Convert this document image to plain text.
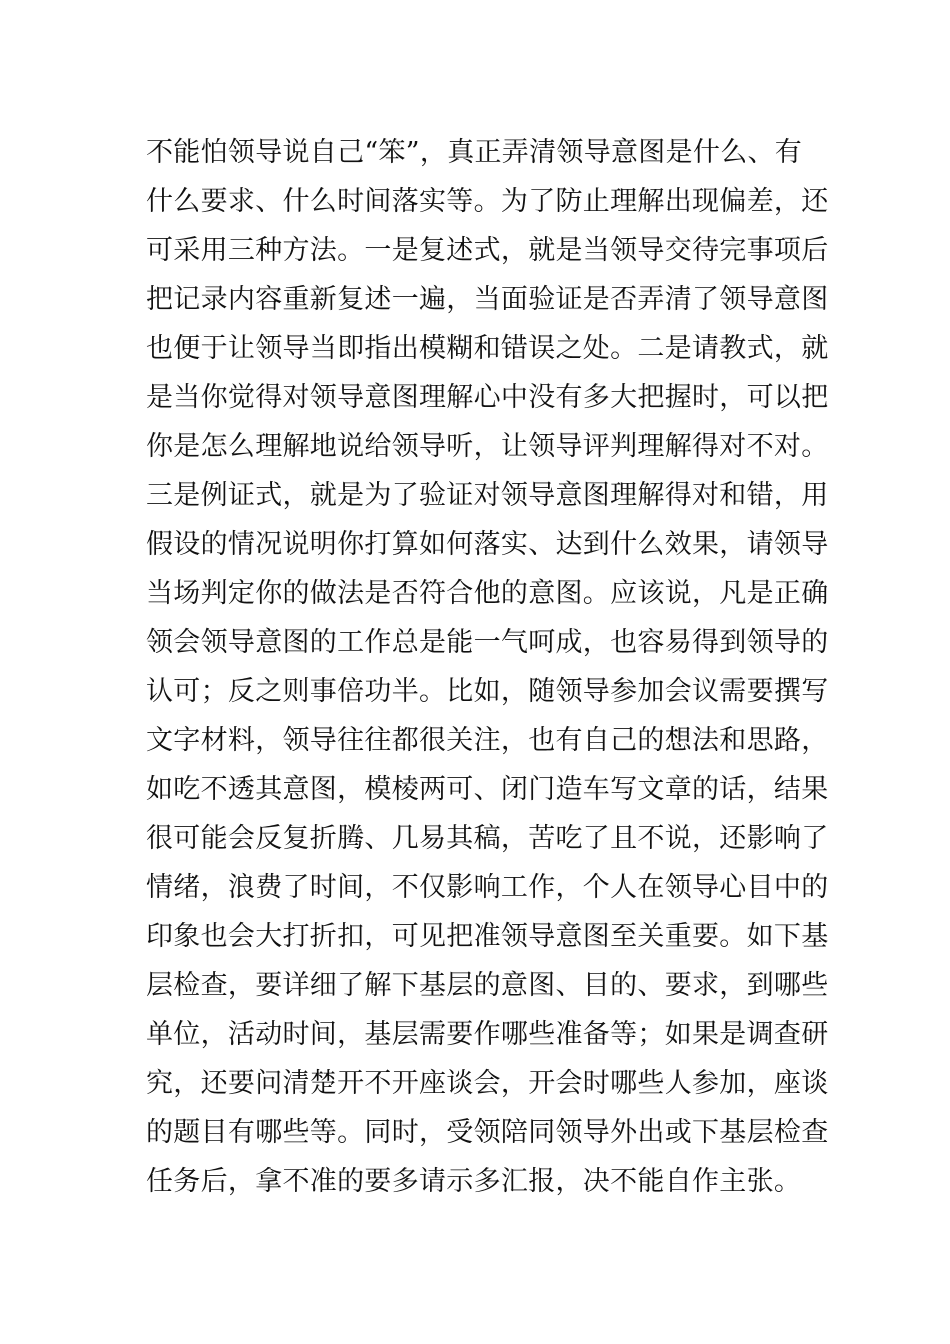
不能怕领导说自己“笨”，真正弄清领导意图是什么、有
什么要求、什么时间落实等。为了防止理解出现偏差，还
可采用三种方法。一是复述式，就是当领导交待完事项后
把记录内容重新复述一遍，当面验证是否弄清了领导意图
也便于让领导当即指出模糊和错误之处。二是请教式，就
是当你觉得对领导意图理解心中没有多大把握时，可以把
你是怎么理解地说给领导听，让领导评判理解得对不对。
三是例证式，就是为了验证对领导意图理解得对和错，用
假设的情况说明你打算如何落实、达到什么效果，请领导
当场判定你的做法是否符合他的意图。应该说，凡是正确
领会领导意图的工作总是能一气呵成，也容易得到领导的
认可；反之则事倍功半。比如，随领导参加会议需要撰写
文字材料，领导往往都很关注，也有自己的想法和思路，
如吃不透其意图，模棱两可、闭门造车写文章的话，结果
很可能会反复折腾、几易其稿，苦吃了且不说，还影响了
情绪，浪费了时间，不仅影响工作，个人在领导心目中的
印象也会大打折扣，可见把准领导意图至关重要。如下基
层检查，要详细了解下基层的意图、目的、要求，到哪些
单位，活动时间，基层需要作哪些准备等；如果是调查研
究，还要问清楚开不开座谈会，开会时哪些人参加，座谈
的题目有哪些等。同时，受领陪同领导外出或下基层检查
任务后，拿不准的要多请示多汇报，决不能自作主张。
